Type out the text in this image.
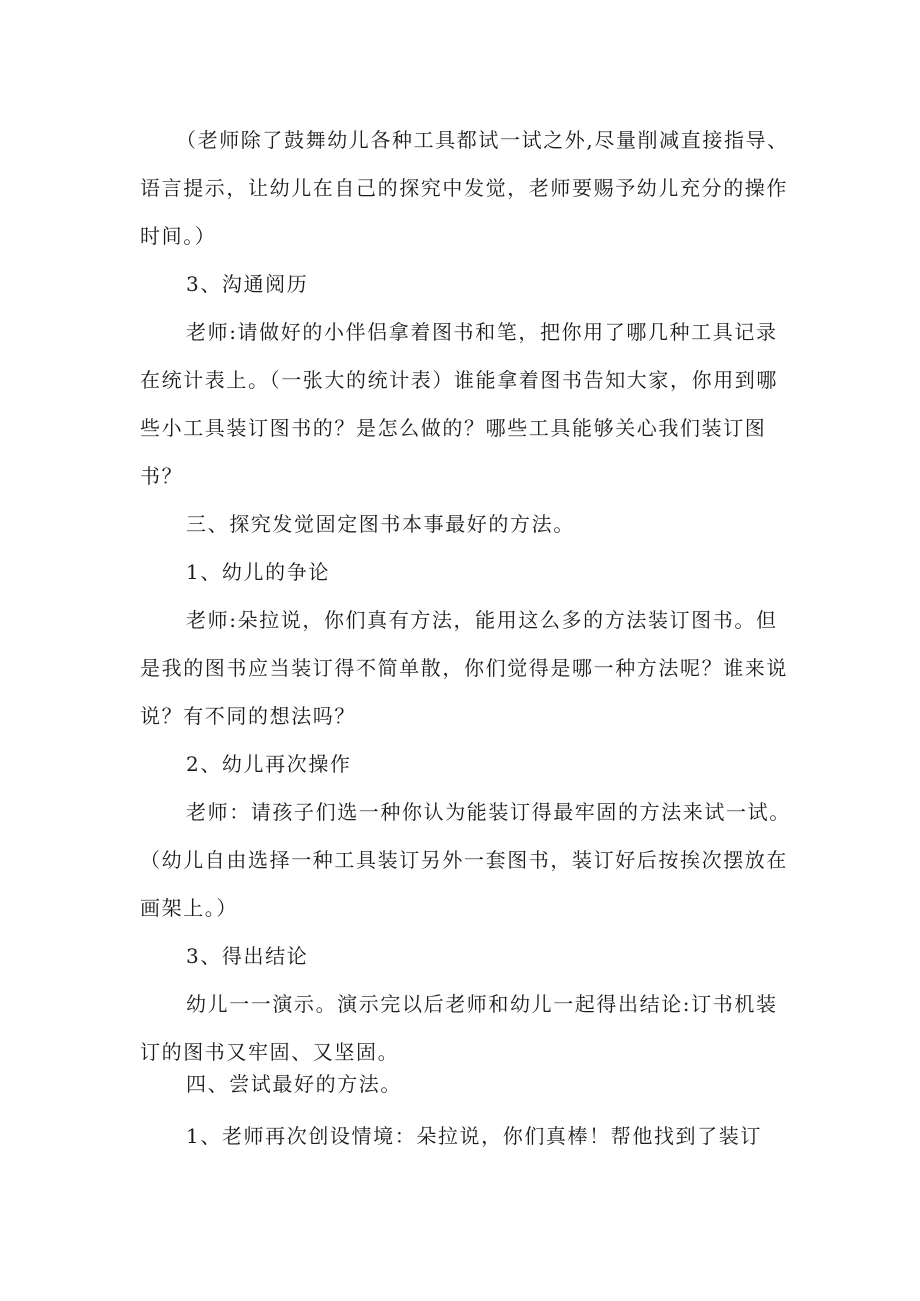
（老师除了鼓舞幼儿各种工具都试一试之外,尽量削减直接指导、
语言提示，让幼儿在自己的探究中发觉，老师要赐予幼儿充分的操作
时间。）
3、沟通阅历
老师:请做好的小伴侣拿着图书和笔，把你用了哪几种工具记录
在统计表上。（一张大的统计表）谁能拿着图书告知大家，你用到哪
些小工具装订图书的？是怎么做的？哪些工具能够关心我们装订图
书？
三、探究发觉固定图书本事最好的方法。
1、幼儿的争论
老师:朵拉说，你们真有方法，能用这么多的方法装订图书。但
是我的图书应当装订得不简单散，你们觉得是哪一种方法呢？谁来说
说？有不同的想法吗？
2、幼儿再次操作
老师：请孩子们选一种你认为能装订得最牢固的方法来试一试。
（幼儿自由选择一种工具装订另外一套图书，装订好后按挨次摆放在
画架上。）
3、得出结论
幼儿一一演示。演示完以后老师和幼儿一起得出结论:订书机装
订的图书又牢固、又坚固。
四、尝试最好的方法。
1、老师再次创设情境：朵拉说，你们真棒！帮他找到了装订
